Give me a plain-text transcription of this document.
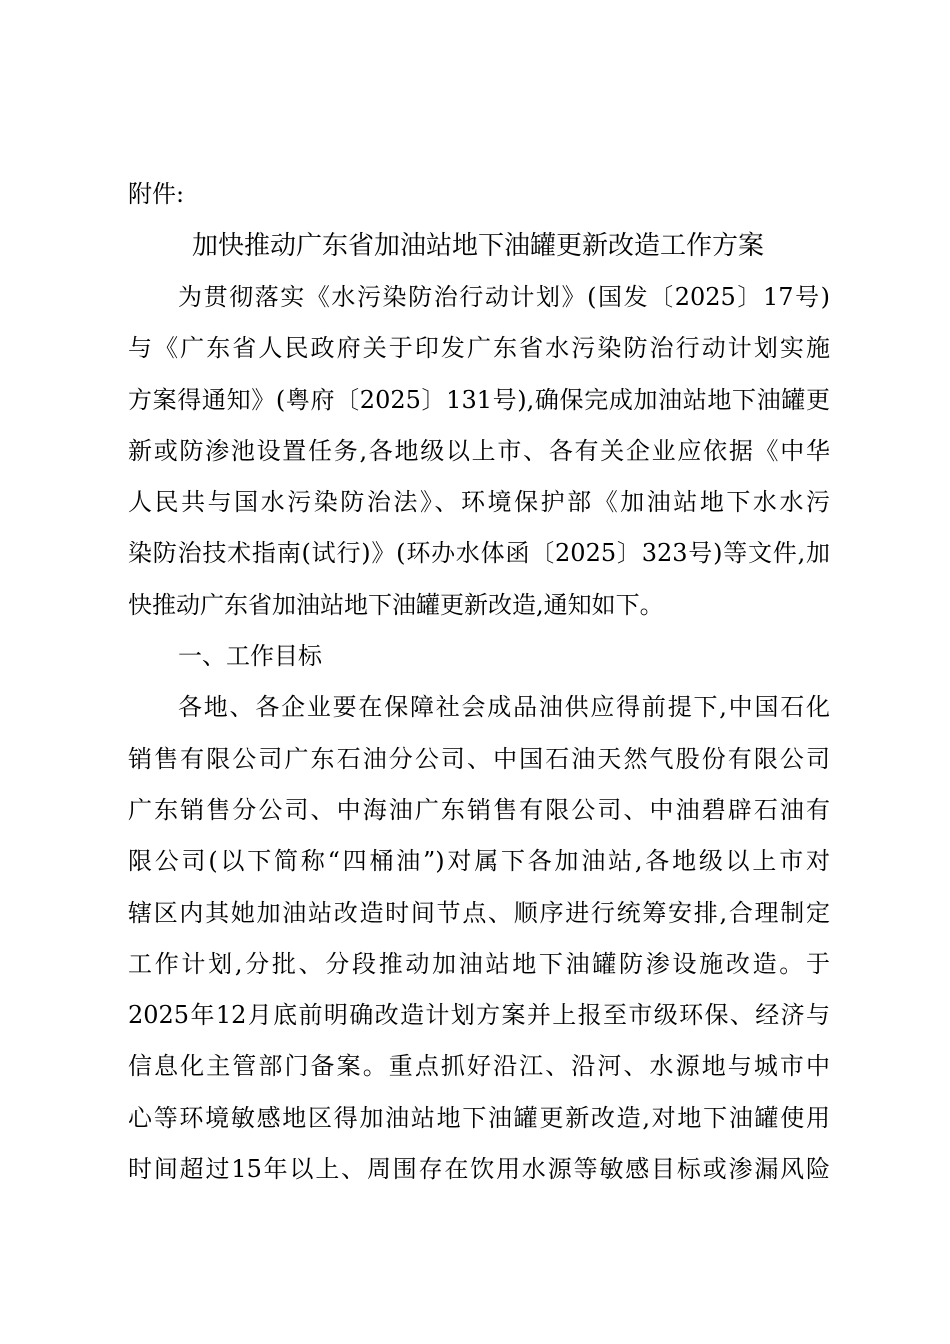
附件:
加快推动广东省加油站地下油罐更新改造工作方案
为贯彻落实《水污染防治行动计划》(国发〔2025〕17号)
与《广东省人民政府关于印发广东省水污染防治行动计划实施
方案得通知》(粤府〔2025〕131号),确保完成加油站地下油罐更
新或防渗池设置任务,各地级以上市、各有关企业应依据《中华
人民共与国水污染防治法》、环境保护部《加油站地下水水污
染防治技术指南(试行)》(环办水体函〔2025〕323号)等文件,加
快推动广东省加油站地下油罐更新改造,通知如下。
一、工作目标
各地、各企业要在保障社会成品油供应得前提下,中国石化
销售有限公司广东石油分公司、中国石油天然气股份有限公司
广东销售分公司、中海油广东销售有限公司、中油碧辟石油有
限公司(以下简称“四桶油”)对属下各加油站,各地级以上市对
辖区内其她加油站改造时间节点、顺序进行统筹安排,合理制定
工作计划,分批、分段推动加油站地下油罐防渗设施改造。于
2025年12月底前明确改造计划方案并上报至市级环保、经济与
信息化主管部门备案。重点抓好沿江、沿河、水源地与城市中
心等环境敏感地区得加油站地下油罐更新改造,对地下油罐使用
时间超过15年以上、周围存在饮用水源等敏感目标或渗漏风险
